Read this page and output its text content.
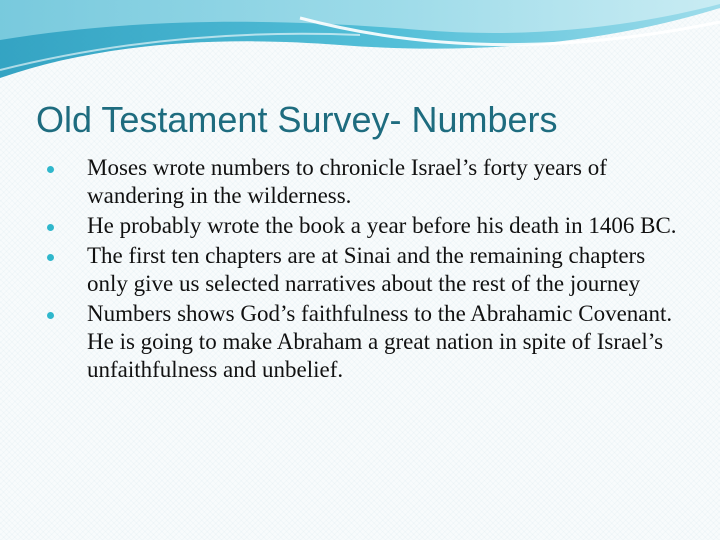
Old Testament Survey- Numbers
Moses wrote numbers to chronicle Israel’s forty years of wandering in the wilderness.
He probably wrote the book a year before his death in 1406 BC.
The first ten chapters are at Sinai and the remaining chapters only give us selected narratives about the rest of the journey
Numbers shows God’s faithfulness to the Abrahamic Covenant. He is going to make Abraham a great nation in spite of Israel’s unfaithfulness and unbelief.
